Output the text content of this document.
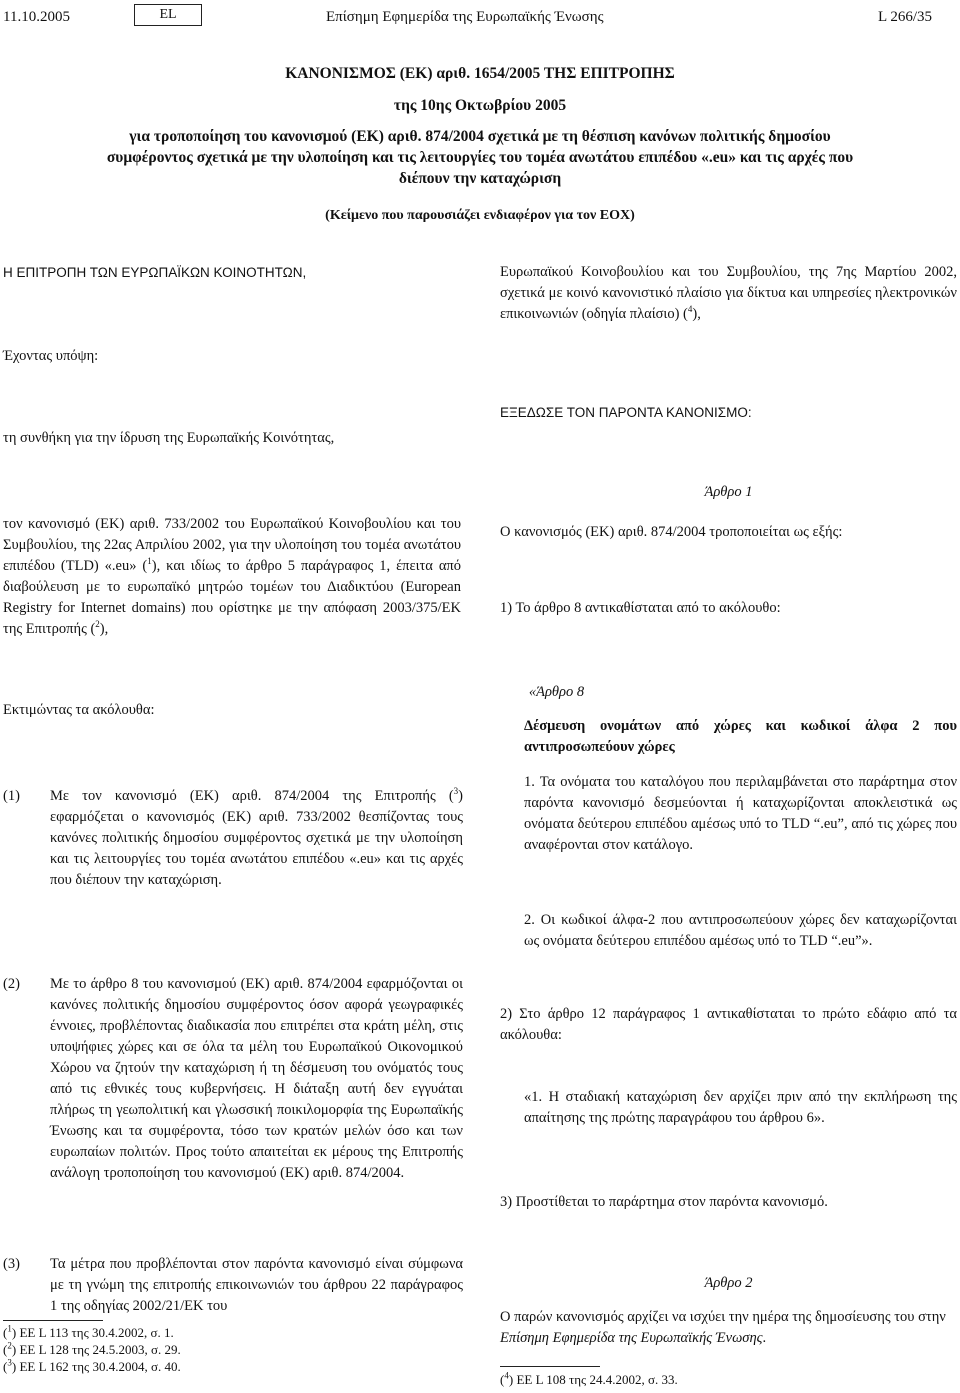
11.10.2005	EL	Επίσημη Εφημερίδα της Ευρωπαϊκής Ένωσης	L 266/35
ΚΑΝΟΝΙΣΜΟΣ (ΕΚ) αριθ. 1654/2005 ΤΗΣ ΕΠΙΤΡΟΠΗΣ
της 10ης Οκτωβρίου 2005
για τροποποίηση του κανονισμού (ΕΚ) αριθ. 874/2004 σχετικά με τη θέσπιση κανόνων πολιτικής δημοσίου συμφέροντος σχετικά με την υλοποίηση και τις λειτουργίες του τομέα ανωτάτου επιπέδου «.eu» και τις αρχές που διέπουν την καταχώριση
(Κείμενο που παρουσιάζει ενδιαφέρον για τον ΕΟΧ)
Η ΕΠΙΤΡΟΠΗ ΤΩΝ ΕΥΡΩΠΑΪΚΩΝ ΚΟΙΝΟΤΗΤΩΝ,
Έχοντας υπόψη:
τη συνθήκη για την ίδρυση της Ευρωπαϊκής Κοινότητας,

τον κανονισμό (ΕΚ) αριθ. 733/2002 του Ευρωπαϊκού Κοινοβουλίου και του Συμβουλίου, της 22ας Απριλίου 2002, για την υλοποίηση του τομέα ανωτάτου επιπέδου (TLD) «.eu» ($^1$), και ιδίως το άρθρο 5 παράγραφος 1, έπειτα από διαβούλευση με το ευρωπαϊκό μητρώο τομέων του Διαδικτύου (European Registry for Internet domains) που ορίστηκε με την απόφαση 2003/375/ΕΚ της Επιτροπής ($^2$),

Εκτιμώντας τα ακόλουθα:
(1) Με τον κανονισμό (ΕΚ) αριθ. 874/2004 της Επιτροπής ($^3$) εφαρμόζεται ο κανονισμός (ΕΚ) αριθ. 733/2002 θεσπίζοντας τους κανόνες πολιτικής δημοσίου συμφέροντος σχετικά με την υλοποίηση και τις λειτουργίες του τομέα ανωτάτου επιπέδου «.eu» και τις αρχές που διέπουν την καταχώριση.
(2) Με το άρθρο 8 του κανονισμού (ΕΚ) αριθ. 874/2004 εφαρμόζονται οι κανόνες πολιτικής δημοσίου συμφέροντος όσον αφορά γεωγραφικές έννοιες, προβλέποντας διαδικασία που επιτρέπει στα κράτη μέλη, στις υποψήφιες χώρες και σε όλα τα μέλη του Ευρωπαϊκού Οικονομικού Χώρου να ζητούν την καταχώριση ή τη δέσμευση του ονόματός τους από τις εθνικές τους κυβερνήσεις. Η διάταξη αυτή δεν εγγυάται πλήρως τη γεωπολιτική και γλωσσική ποικιλομορφία της Ευρωπαϊκής Ένωσης και τα συμφέροντα, τόσο των κρατών μελών όσο και των ευρωπαίων πολιτών. Προς τούτο απαιτείται εκ μέρους της Επιτροπής ανάλογη τροποποίηση του κανονισμού (ΕΚ) αριθ. 874/2004.
(3) Τα μέτρα που προβλέπονται στον παρόντα κανονισμό είναι σύμφωνα με τη γνώμη της επιτροπής επικοινωνιών του άρθρου 22 παράγραφος 1 της οδηγίας 2002/21/ΕΚ του
($^1$) ΕΕ L 113 της 30.4.2002, σ. 1.
($^2$) ΕΕ L 128 της 24.5.2003, σ. 29.
($^3$) ΕΕ L 162 της 30.4.2004, σ. 40.

Ευρωπαϊκού Κοινοβουλίου και του Συμβουλίου, της 7ης Μαρτίου 2002, σχετικά με κοινό κανονιστικό πλαίσιο για δίκτυα και υπηρεσίες ηλεκτρονικών επικοινωνιών (οδηγία πλαίσιο) ($^4$),

ΕΞΕΔΩΣΕ ΤΟΝ ΠΑΡΟΝΤΑ ΚΑΝΟΝΙΣΜΟ:
Άρθρο 1
Ο κανονισμός (ΕΚ) αριθ. 874/2004 τροποποιείται ως εξής:
1) Το άρθρο 8 αντικαθίσταται από το ακόλουθο:
«Άρθρο 8
Δέσμευση ονομάτων από χώρες και κωδικοί άλφα 2 που αντιπροσωπεύουν χώρες
1. Τα ονόματα του καταλόγου που περιλαμβάνεται στο παράρτημα στον παρόντα κανονισμό δεσμεύονται ή καταχωρίζονται αποκλειστικά ως ονόματα δεύτερου επιπέδου αμέσως υπό το TLD “.eu”, από τις χώρες που αναφέρονται στον κατάλογο.
2. Οι κωδικοί άλφα-2 που αντιπροσωπεύουν χώρες δεν καταχωρίζονται ως ονόματα δεύτερου επιπέδου αμέσως υπό το TLD “.eu”».
2) Στο άρθρο 12 παράγραφος 1 αντικαθίσταται το πρώτο εδάφιο από τα ακόλουθα:
«1. Η σταδιακή καταχώριση δεν αρχίζει πριν από την εκπλήρωση της απαίτησης της πρώτης παραγράφου του άρθρου 6».
3) Προστίθεται το παράρτημα στον παρόντα κανονισμό.
Άρθρο 2

Ο παρών κανονισμός αρχίζει να ισχύει την ημέρα της δημοσίευσης του στην Επίσημη Εφημερίδα της Ευρωπαϊκής Ένωσης.

($^4$) ΕΕ L 108 της 24.4.2002, σ. 33.
